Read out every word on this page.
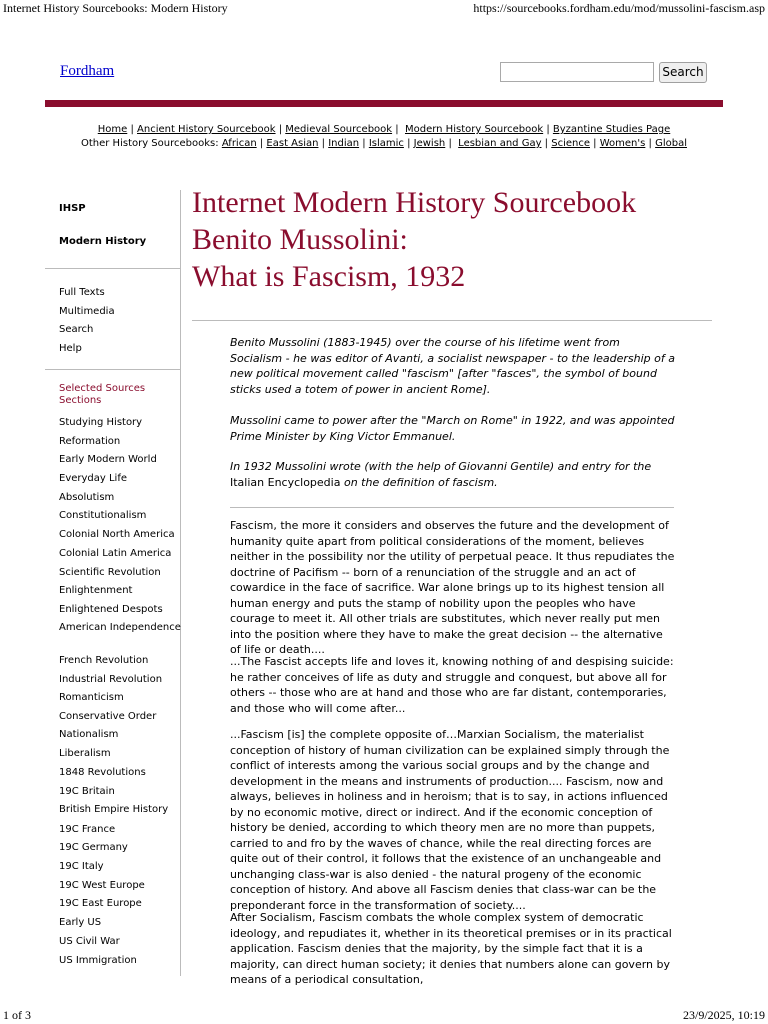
Internet History Sourcebooks: Modern History	https://sourcebooks.fordham.edu/mod/mussolini-fascism.asp
Fordham	Search
Home | Ancient History Sourcebook | Medieval Sourcebook |  Modern History Sourcebook | Byzantine Studies Page
Other History Sourcebooks: African | East Asian | Indian | Islamic | Jewish |  Lesbian and Gay | Science | Women's | Global
IHSP
Modern History
Full Texts
Multimedia
Search
Help
Selected Sources Sections
Studying History
Reformation
Early Modern World
Everyday Life
Absolutism
Constitutionalism
Colonial North America
Colonial Latin America
Scientific Revolution
Enlightenment
Enlightened Despots
American Independence
French Revolution
Industrial Revolution
Romanticism
Conservative Order
Nationalism
Liberalism
1848 Revolutions
19C Britain
British Empire History
19C France
19C Germany
19C Italy
19C West Europe
19C East Europe
Early US
US Civil War
US Immigration
Internet Modern History Sourcebook
Benito Mussolini:
What is Fascism, 1932
Benito Mussolini (1883-1945) over the course of his lifetime went from Socialism - he was editor of Avanti, a socialist newspaper - to the leadership of a new political movement called "fascism" [after "fasces", the symbol of bound sticks used a totem of power in ancient Rome].
Mussolini came to power after the "March on Rome" in 1922, and was appointed Prime Minister by King Victor Emmanuel.
In 1932 Mussolini wrote (with the help of Giovanni Gentile) and entry for the Italian Encyclopedia on the definition of fascism.
Fascism, the more it considers and observes the future and the development of humanity quite apart from political considerations of the moment, believes neither in the possibility nor the utility of perpetual peace. It thus repudiates the doctrine of Pacifism -- born of a renunciation of the struggle and an act of cowardice in the face of sacrifice. War alone brings up to its highest tension all human energy and puts the stamp of nobility upon the peoples who have courage to meet it. All other trials are substitutes, which never really put men into the position where they have to make the great decision -- the alternative of life or death....
...The Fascist accepts life and loves it, knowing nothing of and despising suicide: he rather conceives of life as duty and struggle and conquest, but above all for others -- those who are at hand and those who are far distant, contemporaries, and those who will come after...
...Fascism [is] the complete opposite of…Marxian Socialism, the materialist conception of history of human civilization can be explained simply through the conflict of interests among the various social groups and by the change and development in the means and instruments of production.... Fascism, now and always, believes in holiness and in heroism; that is to say, in actions influenced by no economic motive, direct or indirect. And if the economic conception of history be denied, according to which theory men are no more than puppets, carried to and fro by the waves of chance, while the real directing forces are quite out of their control, it follows that the existence of an unchangeable and unchanging class-war is also denied - the natural progeny of the economic conception of history. And above all Fascism denies that class-war can be the preponderant force in the transformation of society....
After Socialism, Fascism combats the whole complex system of democratic ideology, and repudiates it, whether in its theoretical premises or in its practical application. Fascism denies that the majority, by the simple fact that it is a majority, can direct human society; it denies that numbers alone can govern by means of a periodical consultation,
1 of 3	23/9/2025, 10:19
